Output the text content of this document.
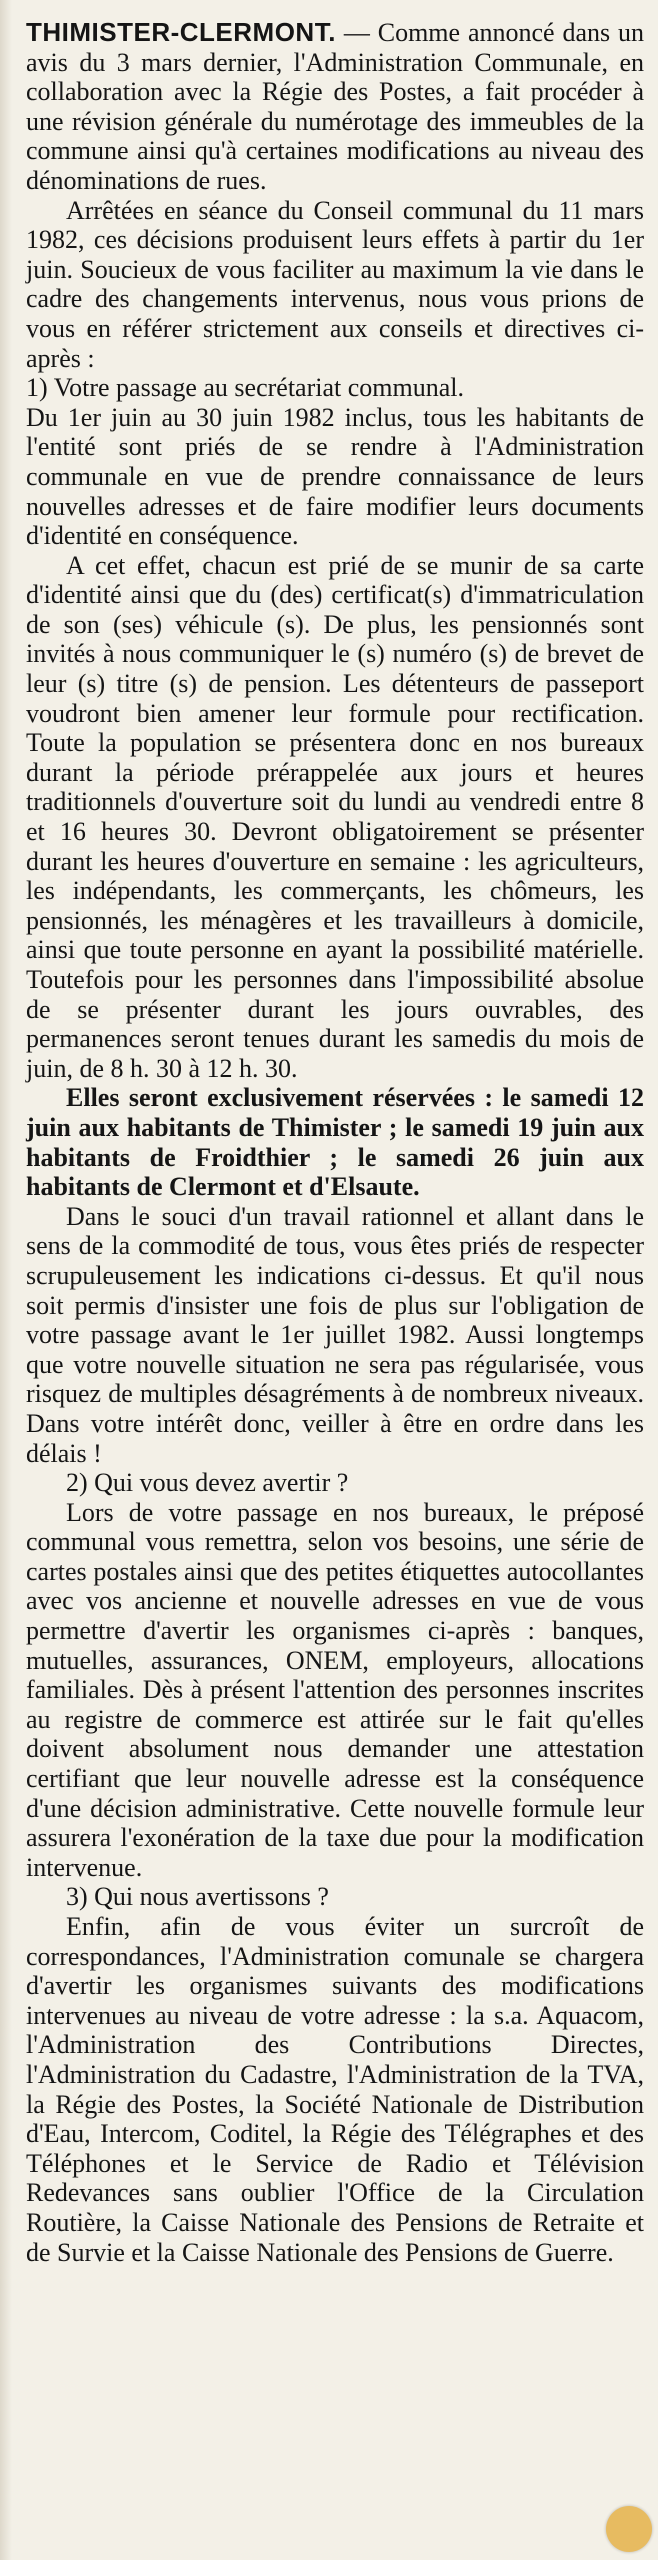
THIMISTER-CLERMONT. — Comme annoncé dans un avis du 3 mars dernier, l'Administration Communale, en collaboration avec la Régie des Postes, a fait procéder à une révision générale du numérotage des immeubles de la commune ainsi qu'à certaines modifications au niveau des dénominations de rues.

Arrêtées en séance du Conseil communal du 11 mars 1982, ces décisions produisent leurs effets à partir du 1er juin. Soucieux de vous faciliter au maximum la vie dans le cadre des changements intervenus, nous vous prions de vous en référer strictement aux conseils et directives ci-après :

1) Votre passage au secrétariat communal.

Du 1er juin au 30 juin 1982 inclus, tous les habitants de l'entité sont priés de se rendre à l'Administration communale en vue de prendre connaissance de leurs nouvelles adresses et de faire modifier leurs documents d'identité en conséquence.

A cet effet, chacun est prié de se munir de sa carte d'identité ainsi que du (des) certificat(s) d'immatriculation de son (ses) véhicule (s). De plus, les pensionnés sont invités à nous communiquer le (s) numéro (s) de brevet de leur (s) titre (s) de pension. Les détenteurs de passeport voudront bien amener leur formule pour rectification. Toute la population se présentera donc en nos bureaux durant la période prérappelée aux jours et heures traditionnels d'ouverture soit du lundi au vendredi entre 8 et 16 heures 30. Devront obligatoirement se présenter durant les heures d'ouverture en semaine : les agriculteurs, les indépendants, les commerçants, les chômeurs, les pensionnés, les ménagères et les travailleurs à domicile, ainsi que toute personne en ayant la possibilité matérielle. Toutefois pour les personnes dans l'impossibilité absolue de se présenter durant les jours ouvrables, des permanences seront tenues durant les samedis du mois de juin, de 8 h. 30 à 12 h. 30.

Elles seront exclusivement réservées : le samedi 12 juin aux habitants de Thimister ; le samedi 19 juin aux habitants de Froidthier ; le samedi 26 juin aux habitants de Clermont et d'Elsaute.

Dans le souci d'un travail rationnel et allant dans le sens de la commodité de tous, vous êtes priés de respecter scrupuleusement les indications ci-dessus. Et qu'il nous soit permis d'insister une fois de plus sur l'obligation de votre passage avant le 1er juillet 1982. Aussi longtemps que votre nouvelle situation ne sera pas régularisée, vous risquez de multiples désagréments à de nombreux niveaux. Dans votre intérêt donc, veiller à être en ordre dans les délais !

2) Qui vous devez avertir ?

Lors de votre passage en nos bureaux, le préposé communal vous remettra, selon vos besoins, une série de cartes postales ainsi que des petites étiquettes autocollantes avec vos ancienne et nouvelle adresses en vue de vous permettre d'avertir les organismes ci-après : banques, mutuelles, assurances, ONEM, employeurs, allocations familiales. Dès à présent l'attention des personnes inscrites au registre de commerce est attirée sur le fait qu'elles doivent absolument nous demander une attestation certifiant que leur nouvelle adresse est la conséquence d'une décision administrative. Cette nouvelle formule leur assurera l'exonération de la taxe due pour la modification intervenue.

3) Qui nous avertissons ?

Enfin, afin de vous éviter un surcroît de correspondances, l'Administration comunale se chargera d'avertir les organismes suivants des modifications intervenues au niveau de votre adresse : la s.a. Aquacom, l'Administration des Contributions Directes, l'Administration du Cadastre, l'Administration de la TVA, la Régie des Postes, la Société Nationale de Distribution d'Eau, Intercom, Coditel, la Régie des Télégraphes et des Téléphones et le Service de Radio et Télévision Redevances sans oublier l'Office de la Circulation Routière, la Caisse Nationale des Pensions de Retraite et de Survie et la Caisse Nationale des Pensions de Guerre.
